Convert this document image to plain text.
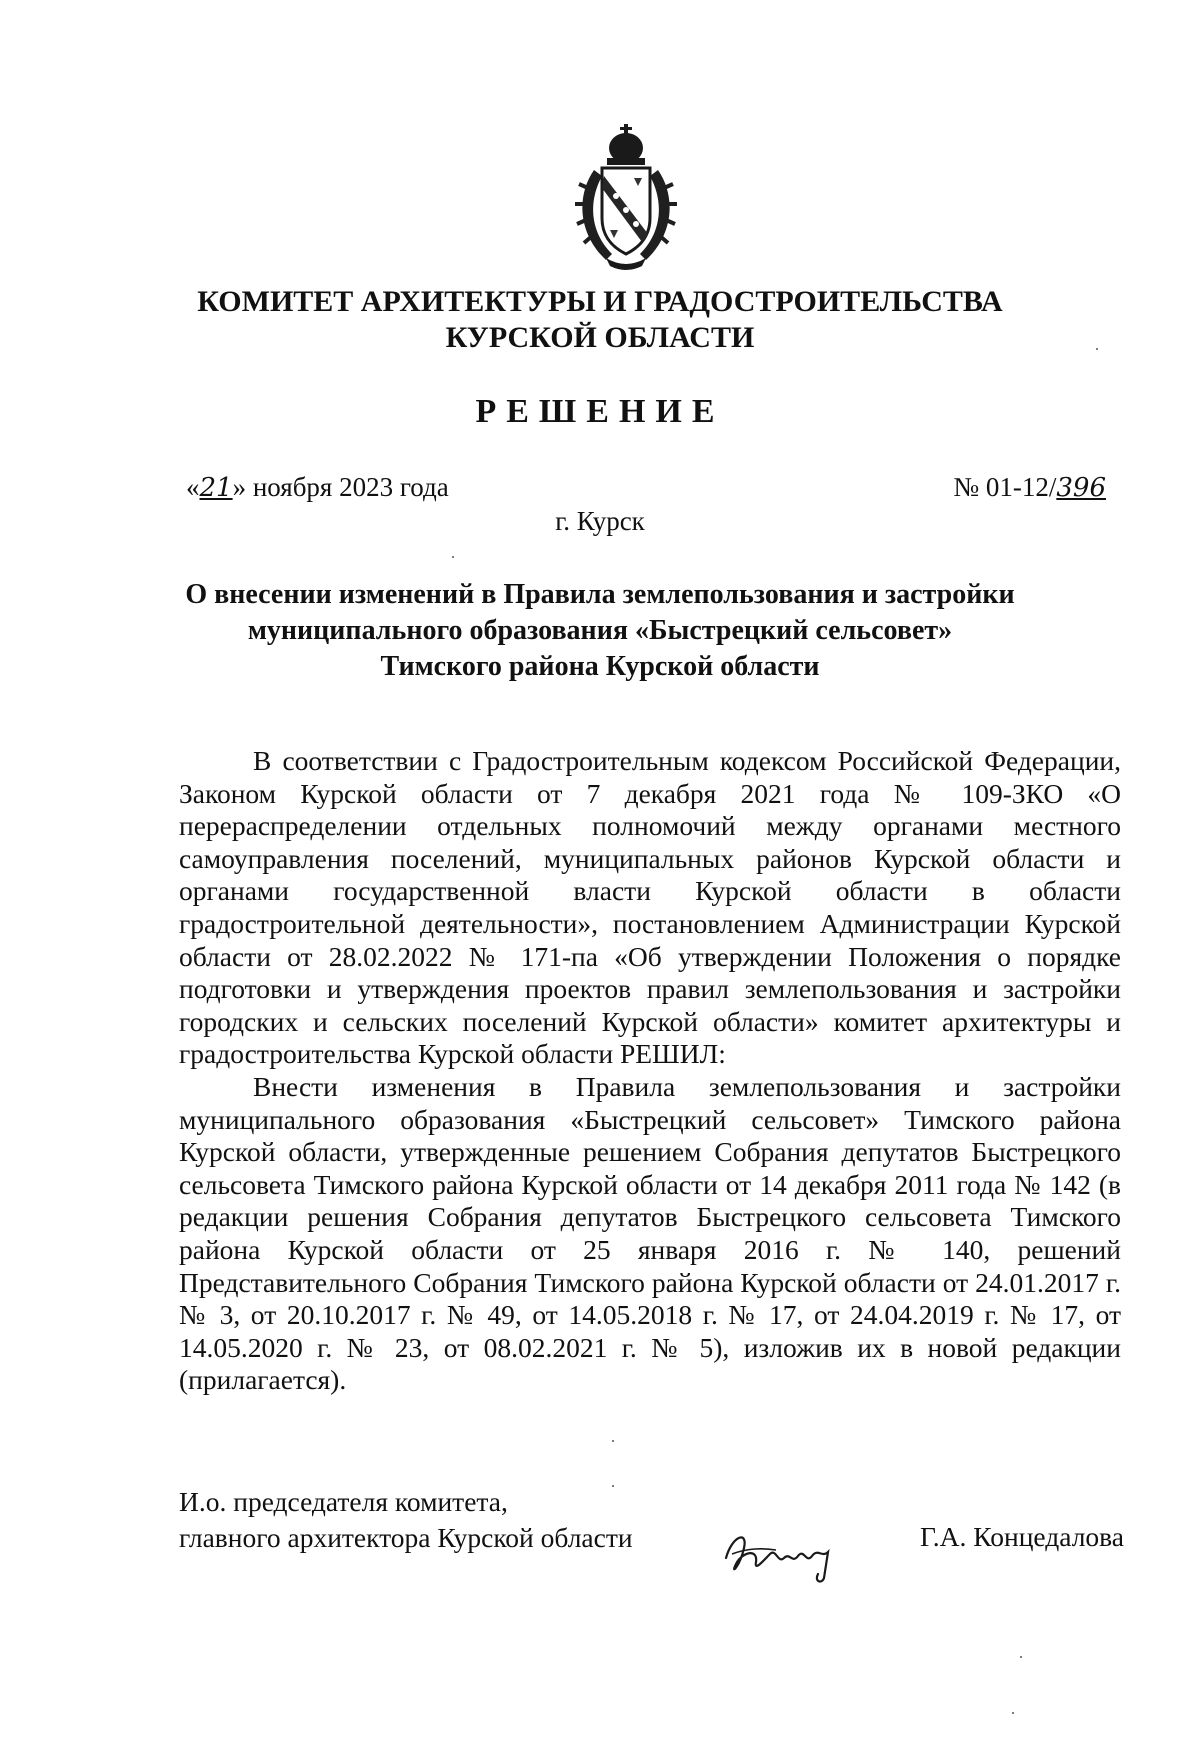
КОМИТЕТ АРХИТЕКТУРЫ И ГРАДОСТРОИТЕЛЬСТВА
КУРСКОЙ ОБЛАСТИ
РЕШЕНИЕ
«21» ноября 2023 года	№ 01-12/396
г. Курск
О внесении изменений в Правила землепользования и застройки
муниципального образования «Быстрецкий сельсовет»
Тимского района Курской области

В соответствии с Градостроительным кодексом Российской Федерации, Законом Курской области от 7 декабря 2021 года № 109-ЗКО «О перераспределении отдельных полномочий между органами местного самоуправления поселений, муниципальных районов Курской области и органами государственной власти Курской области в области градостроительной деятельности», постановлением Администрации Курской области от 28.02.2022 № 171-па «Об утверждении Положения о порядке подготовки и утверждения проектов правил землепользования и застройки городских и сельских поселений Курской области» комитет архитектуры и градостроительства Курской области РЕШИЛ:

Внести изменения в Правила землепользования и застройки муниципального образования «Быстрецкий сельсовет» Тимского района Курской области, утвержденные решением Собрания депутатов Быстрецкого сельсовета Тимского района Курской области от 14 декабря 2011 года № 142 (в редакции решения Собрания депутатов Быстрецкого сельсовета Тимского района Курской области от 25 января 2016 г. № 140, решений Представительного Собрания Тимского района Курской области от 24.01.2017 г. № 3, от 20.10.2017 г. № 49, от 14.05.2018 г. № 17, от 24.04.2019 г. № 17, от 14.05.2020 г. № 23, от 08.02.2021 г. № 5), изложив их в новой редакции (прилагается).

И.о. председателя комитета,
главного архитектора Курской области	Г.А. Концедалова
